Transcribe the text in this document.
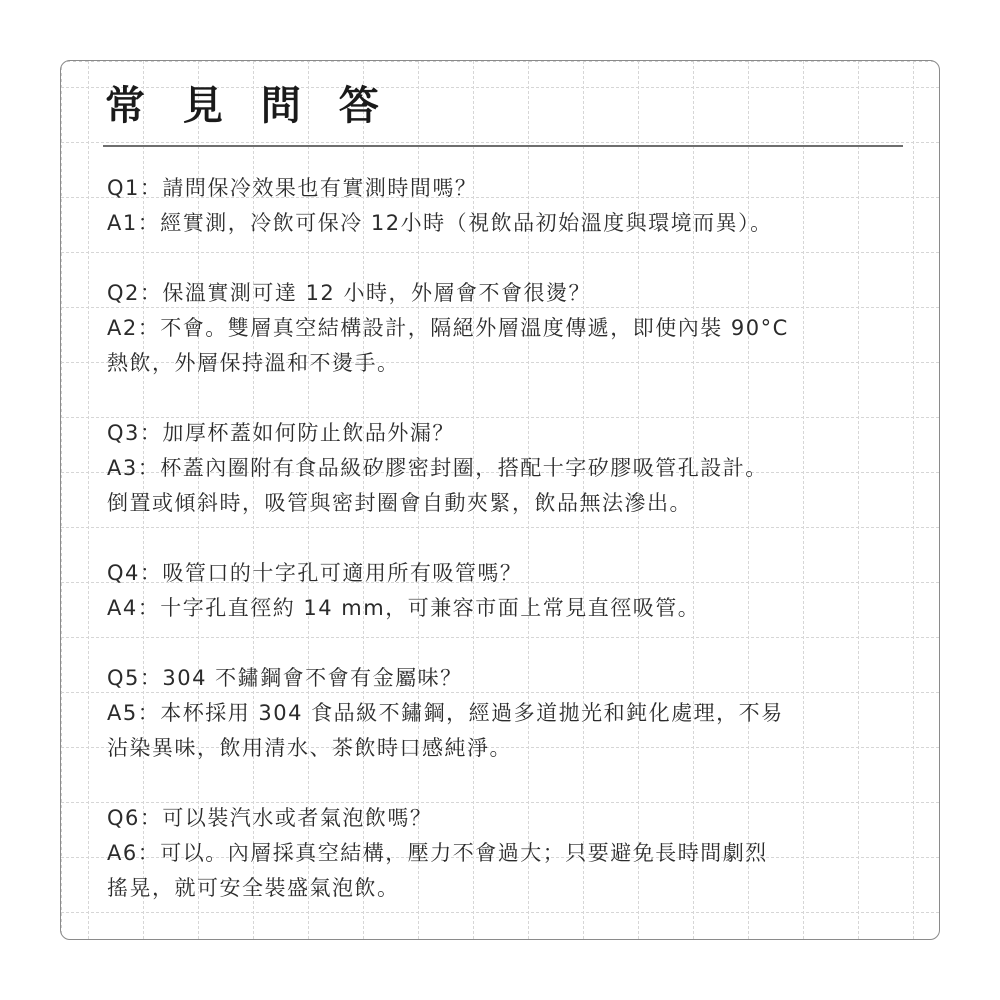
常 見 問 答

Q1：請問保冷效果也有實測時間嗎？

A1：經實測，冷飲可保冷 12小時（視飲品初始溫度與環境而異）。

Q2：保溫實測可達 12 小時，外層會不會很燙？

A2：不會。雙層真空結構設計，隔絕外層溫度傳遞，即使內裝 90°C

熱飲，外層保持溫和不燙手。

Q3：加厚杯蓋如何防止飲品外漏？

A3：杯蓋內圈附有食品級矽膠密封圈，搭配十字矽膠吸管孔設計。

倒置或傾斜時，吸管與密封圈會自動夾緊，飲品無法滲出。

Q4：吸管口的十字孔可適用所有吸管嗎？

A4：十字孔直徑約 14 mm，可兼容市面上常見直徑吸管。

Q5：304 不鏽鋼會不會有金屬味？

A5：本杯採用 304 食品級不鏽鋼，經過多道拋光和鈍化處理，不易

沾染異味，飲用清水、茶飲時口感純淨。

Q6：可以裝汽水或者氣泡飲嗎？

A6：可以。內層採真空結構，壓力不會過大；只要避免長時間劇烈

搖晃，就可安全裝盛氣泡飲。
